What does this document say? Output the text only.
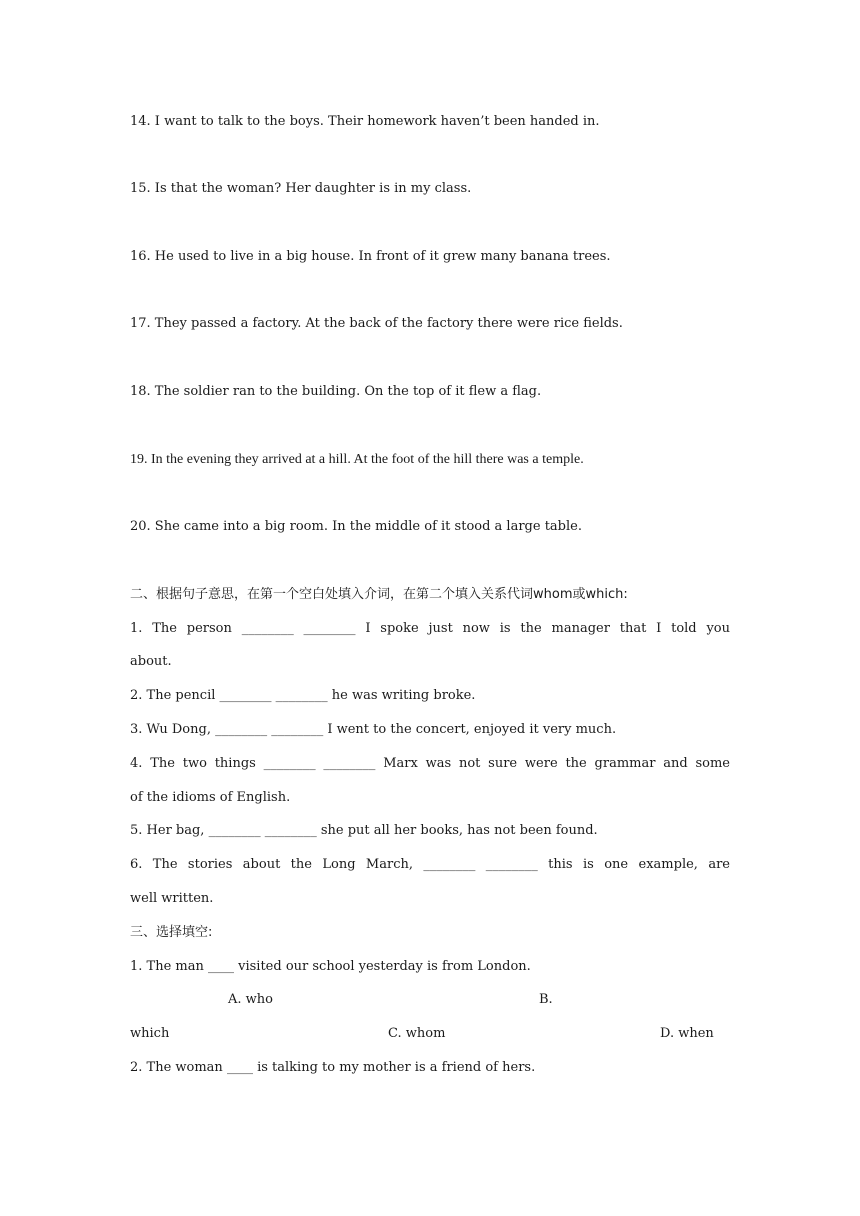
14. I want to talk to the boys. Their homework haven’t been handed in.
15. Is that the woman? Her daughter is in my class.
16. He used to live in a big house. In front of it grew many banana trees.
17. They passed a factory. At the back of the factory there were rice fields.
18. The soldier ran to the building. On the top of it flew a flag.
19. In the evening they arrived at a hill. At the foot of the hill there was a temple.
20. She came into a big room. In the middle of it stood a large table.
二、根据句子意思，在第一个空白处填入介词，在第二个填入关系代词whom或which:
1. The person ________ ________ I spoke just now is the manager that I told you
about.
2. The pencil ________ ________ he was writing broke.
3. Wu Dong, ________ ________ I went to the concert, enjoyed it very much.
4. The two things ________ ________ Marx was not sure were the grammar and some
of the idioms of English.
5. Her bag, ________ ________ she put all her books, has not been found.
6. The stories about the Long March, ________ ________ this is one example, are
well written.
三、选择填空:
1. The man ____ visited our school yesterday is from London.
A. who	B.
which	C. whom	D. when
2. The woman ____ is talking to my mother is a friend of hers.
